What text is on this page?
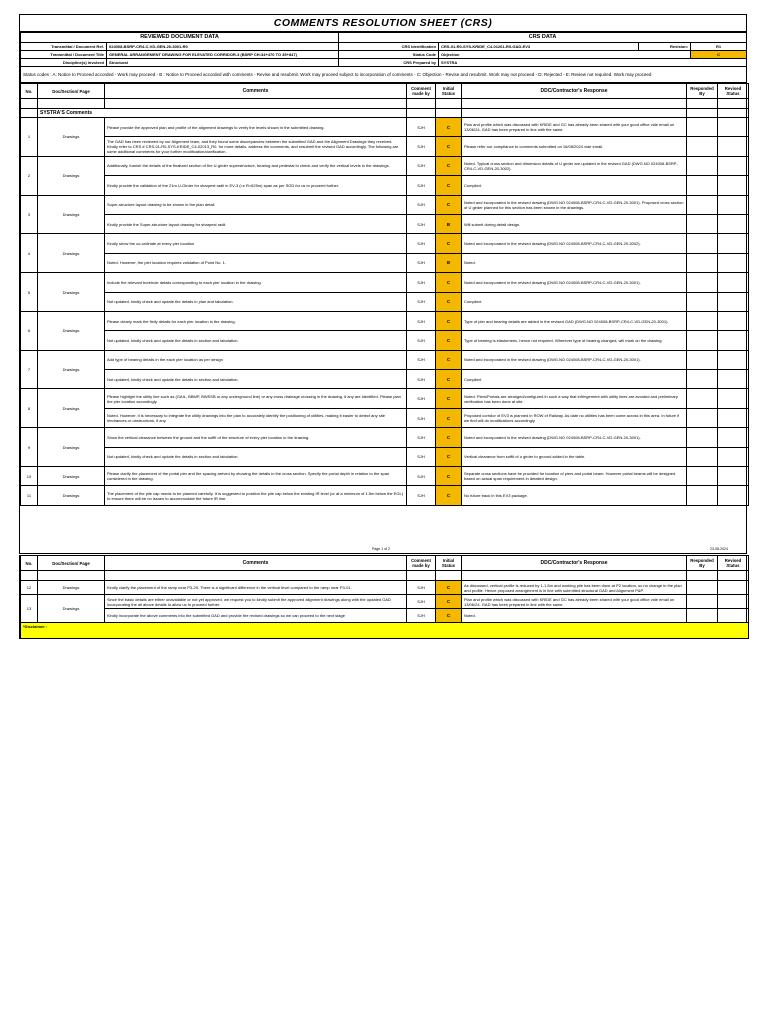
COMMENTS RESOLUTION SHEET (CRS)
REVIEWED DOCUMENT DATA		CRS DATA			
Transmittal / Document Ref.	024008-BSRP-CR4-C-VD-GEN-20-3001-R0	CRS Identification	CRS-01-R0-SYS-KRIDE_C4-01261-R0-GAD-EV3	Revision:	R1
Transmittal / Document Title	GENERAL ARRANGEMENT DRAWING FOR ELEVATED CORRIDOR-3 (BSRP CH:34+470 TO 35+847)	Status Code	Objection		C
Discipline(s) involved	Structural	CRS Prepared by	SYSTRA		
Status codes : A: Notice to Proceed accorded - Work may proceed - B : Notice to Proceed accorded with comments - Revise and resubmit. Work may proceed subject to incorporation of comments - C: Objection - Revise and resubmit. Work may not proceed - D: Rejected - E: Review not required. Work may proceed					
No.	Doc/Section/ Page	Comments	Comment made by	Initial Status	DDC/Contractor's Response	Responded By	Revised Status

	SYSTRA'S Comments						
1	Drawings	Please provide the approved plan and profile of the alignment drawings to verify the levels shown in the submitted drawing.	SJH	C	Plan and profile which was discussed with KRIDE and GC has already been shared with your good office vide email on 13/06/24. GAD has been prepared in line with the same.		
		The GAD has been reviewed by our Alignment team, and they found some discrepancies between the submitted GAD and the Alignment Drawings they received. Kindly refer to CRS # CRS-01-R0-SYS-KRIDE_C4-02013_R0. for more details, address the comments, and resubmit the revised GAD accordingly. The following are some additional comments for your further modification/clarification.	SJH	C	Please refer our compliance to comments submitted on 16/08/2024 vide email.		
2	Drawings	Additionally, furnish the details of the finalized section of the U-girder superstructure, bearing and pedestal to check and verify the vertical levels in the drawings.	SJH	C	Noted. Typical cross section and dimension details of U girder are updated in the revised GAD (DWG.NO 024008-BSRP-CR4-C-VD-GEN-20-3002).		
		Kindly provide the validation of the 21m U-Girder for sharpest radii in EV-3 (i.e R=625m) span as per SOD for us to proceed further.	SJH	C	Complied.		
3	Drawings	Super-structure layout drawing to be shown in the plan detail	SJH	C	Noted and incorporated in the revised drawing (DWG.NO 024008-BSRP-CR4-C-VD-GEN-20-3001). Proposed cross section of U girder planned for this section has been shown in the drawings.		
		Kindly provide the Super-structure layout drawing for sharpest radii.	SJH	B	Will submit during detail design.		
4	Drawings	Kindly show the co-ordinate at every pier location	SJH	C	Noted and incorporated in the revised drawing (DWG.NO 024008-BSRP-CR4-C-VD-GEN-20-3002).		
		Noted. However, the pier location requires validation of Point No. 1.	SJH	B	Noted.		
5	Drawings	Include the relevant borehole details corresponding to each pier location in the drawing.	SJH	C	Noted and incorporated in the revised drawing (DWG.NO 024008-BSRP-CR4-C-VD-GEN-20-3001).		
		Not updated, kindly check and update the details in plan and tabulation.	SJH	C	Complied.		
6	Drawings	Please clearly mark the fixity details for each pier location in the drawing.	SJH	C	Type of pier and bearing details are added in the revised GAD (DWG.NO 024008-BSRP-CR4-C-VD-GEN-20-3001).		
		Not updated, kindly check and update the details in section and tabulation.	SJH	C	Type of bearing is elastomeric, hence not required. Wherever type of bearing changed, will mark on the drawing.		
7	Drawings	Add type of bearing details in the each pier location as per design	SJH	C	Noted and incorporated in the revised drawing (DWG.NO 024008-BSRP-CR4-C-VD-GEN-20-3001).		
		Not updated, kindly check and update the details in section and tabulation.	SJH	C	Complied.		
8	Drawings	Please highlight the utility line such as (GAIL, BBMP, BWSSB or any underground line) or any cross drainage crossing in the drawing, if any are identified. Please plan the pier location accordingly.	SJH	C	Noted. Piers/Portals are arranged/configured in such a way that infringement with utility lines are avoided and preliminary verification has been done at site.		
		Noted. However, it is necessary to integrate the utility drawings into the plan to accurately identify the positioning of utilities, making it easier to detect any site hindrances or obstructions, if any.	SJH	C	Proposed corridor of EV3 is planned in ROW of Railway. As date no utilities has been come across in this area. In future if we find will do modifications accordingly.		
9	Drawings	Show the vertical clearance between the ground and the soffit of the structure of every pier location in the drawing.	SJH	C	Noted and incorporated in the revised drawing (DWG.NO 024008-BSRP-CR4-C-VD-GEN-20-3001).		
		Not updated, kindly check and update the details in section and tabulation.	SJH	C	Vertical clearance from soffit of u girder to ground added in the table.		
10	Drawings	Please clarify the placement of the portal pier and the spacing arrived by showing the details in the cross section. Specify the portal depth in relation to the span considered in the drawing.	SJH	C	Separate cross sections have be provided for location of piers and portal beam. However portal beams will be designed based on actual span requirement in detailed design.		
11	Drawings	The placement of the pile cap needs to be planned carefully. It is suggested to position the pile cap below the existing IR level (or at a minimum of 1.5m below the EGL) to ensure there will be no issues to accommodate the future IR line.	SJH	C	No future track in this EV3 package.		
Page 1 of 2	23-08-2024
No.	Doc/Section/ Page	Comments	Comment made by	Initial Status	DDC/Contractor's Response	Responded By	Revised Status

12	Drawings	Kindly clarify the placement of the ramp near P3-29. There is a significant difference in the vertical level compared to the ramp near P3-01.	SJH	C	As discussed, vertical profile is reduced by 1-1.5m and working pile has been done at P2 location, so no change in the plan and profile. Hence proposed arrangement is in line with submitted structural GAD and Alignment P&P.		
13	Drawings	Since the basic details are either unavailable or not yet approved, we request you to kindly submit the approved alignment drawings along with the updated GAD incorporating the all above details to allow us to proceed further.	SJH	C	Plan and profile which was discussed with KRIDE and GC has already been shared with your good office vide email on 13/06/24. GAD has been prepared in line with the same.		
		Kindly incorporate the above comments into the submitted GAD and provide the revised drawings so we can proceed to the next stage	SJH	C	Noted.		
*Disclaimer :							
